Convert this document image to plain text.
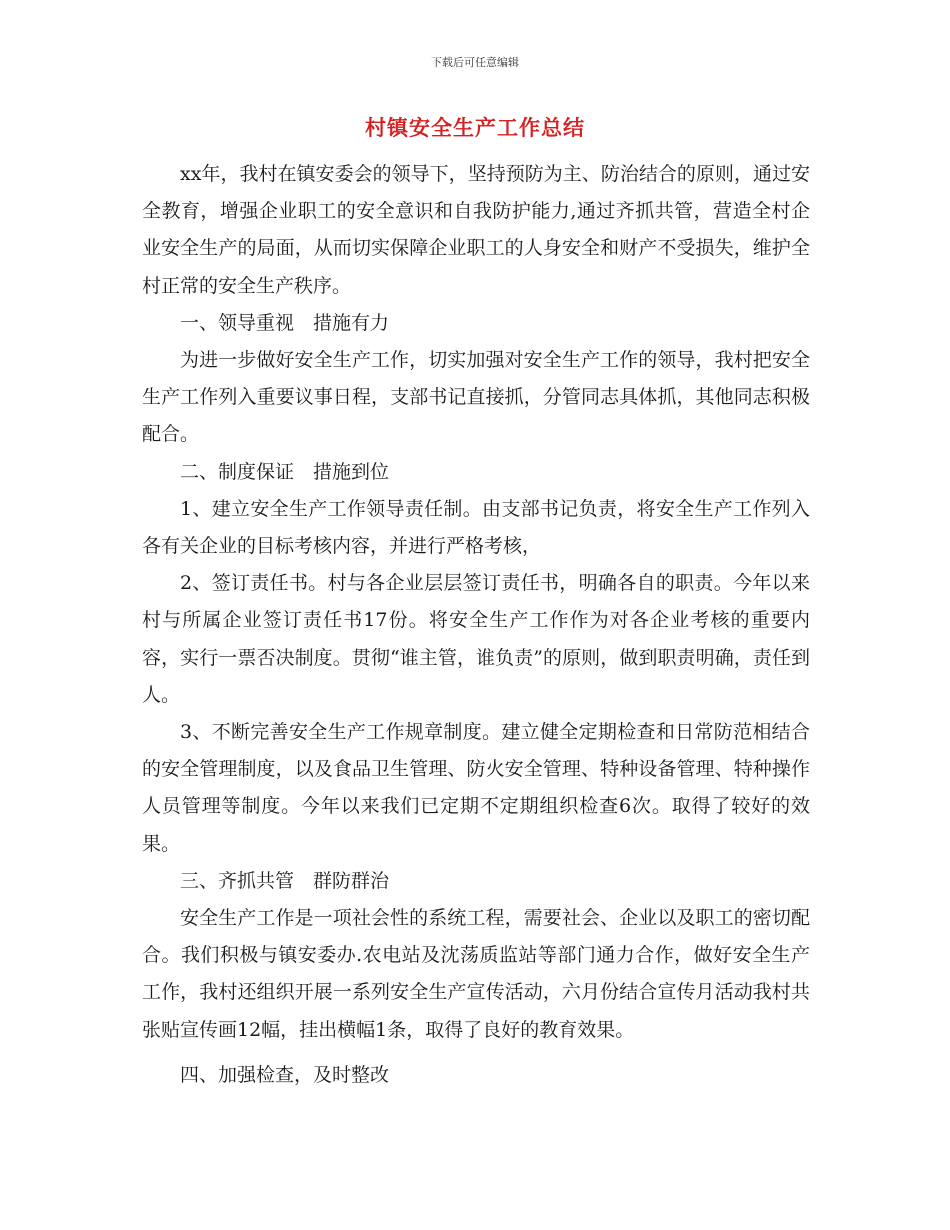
下载后可任意编辑
村镇安全生产工作总结

xx年，我村在镇安委会的领导下，坚持预防为主、防治结合的原则，通过安全教育，增强企业职工的安全意识和自我防护能力,通过齐抓共管，营造全村企业安全生产的局面，从而切实保障企业职工的人身安全和财产不受损失，维护全村正常的安全生产秩序。

一、领导重视　措施有力

为进一步做好安全生产工作，切实加强对安全生产工作的领导，我村把安全生产工作列入重要议事日程，支部书记直接抓，分管同志具体抓，其他同志积极配合。

二、制度保证　措施到位

1、建立安全生产工作领导责任制。由支部书记负责，将安全生产工作列入各有关企业的目标考核内容，并进行严格考核，

2、签订责任书。村与各企业层层签订责任书，明确各自的职责。今年以来村与所属企业签订责任书17份。将安全生产工作作为对各企业考核的重要内容，实行一票否决制度。贯彻“谁主管，谁负责”的原则，做到职责明确，责任到人。

3、不断完善安全生产工作规章制度。建立健全定期检查和日常防范相结合的安全管理制度，以及食品卫生管理、防火安全管理、特种设备管理、特种操作人员管理等制度。今年以来我们已定期不定期组织检查6次。取得了较好的效果。

三、齐抓共管　群防群治

安全生产工作是一项社会性的系统工程，需要社会、企业以及职工的密切配合。我们积极与镇安委办.农电站及沈荡质监站等部门通力合作，做好安全生产工作，我村还组织开展一系列安全生产宣传活动，六月份结合宣传月活动我村共张贴宣传画12幅，挂出横幅1条，取得了良好的教育效果。

四、加强检查，及时整改
